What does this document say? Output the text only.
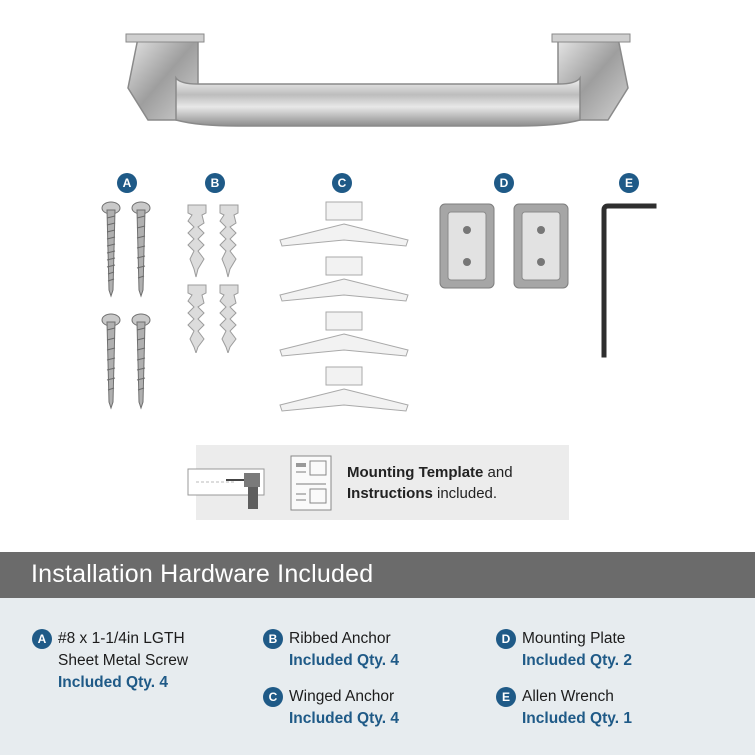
A	B	C	D	E
Mounting Template and
Instructions included.
Installation Hardware Included
A #8 x 1-1/4in LGTH
Sheet Metal Screw
Included Qty. 4
B Ribbed Anchor
Included Qty. 4
C Winged Anchor
Included Qty. 4
D Mounting Plate
Included Qty. 2
E Allen Wrench
Included Qty. 1
